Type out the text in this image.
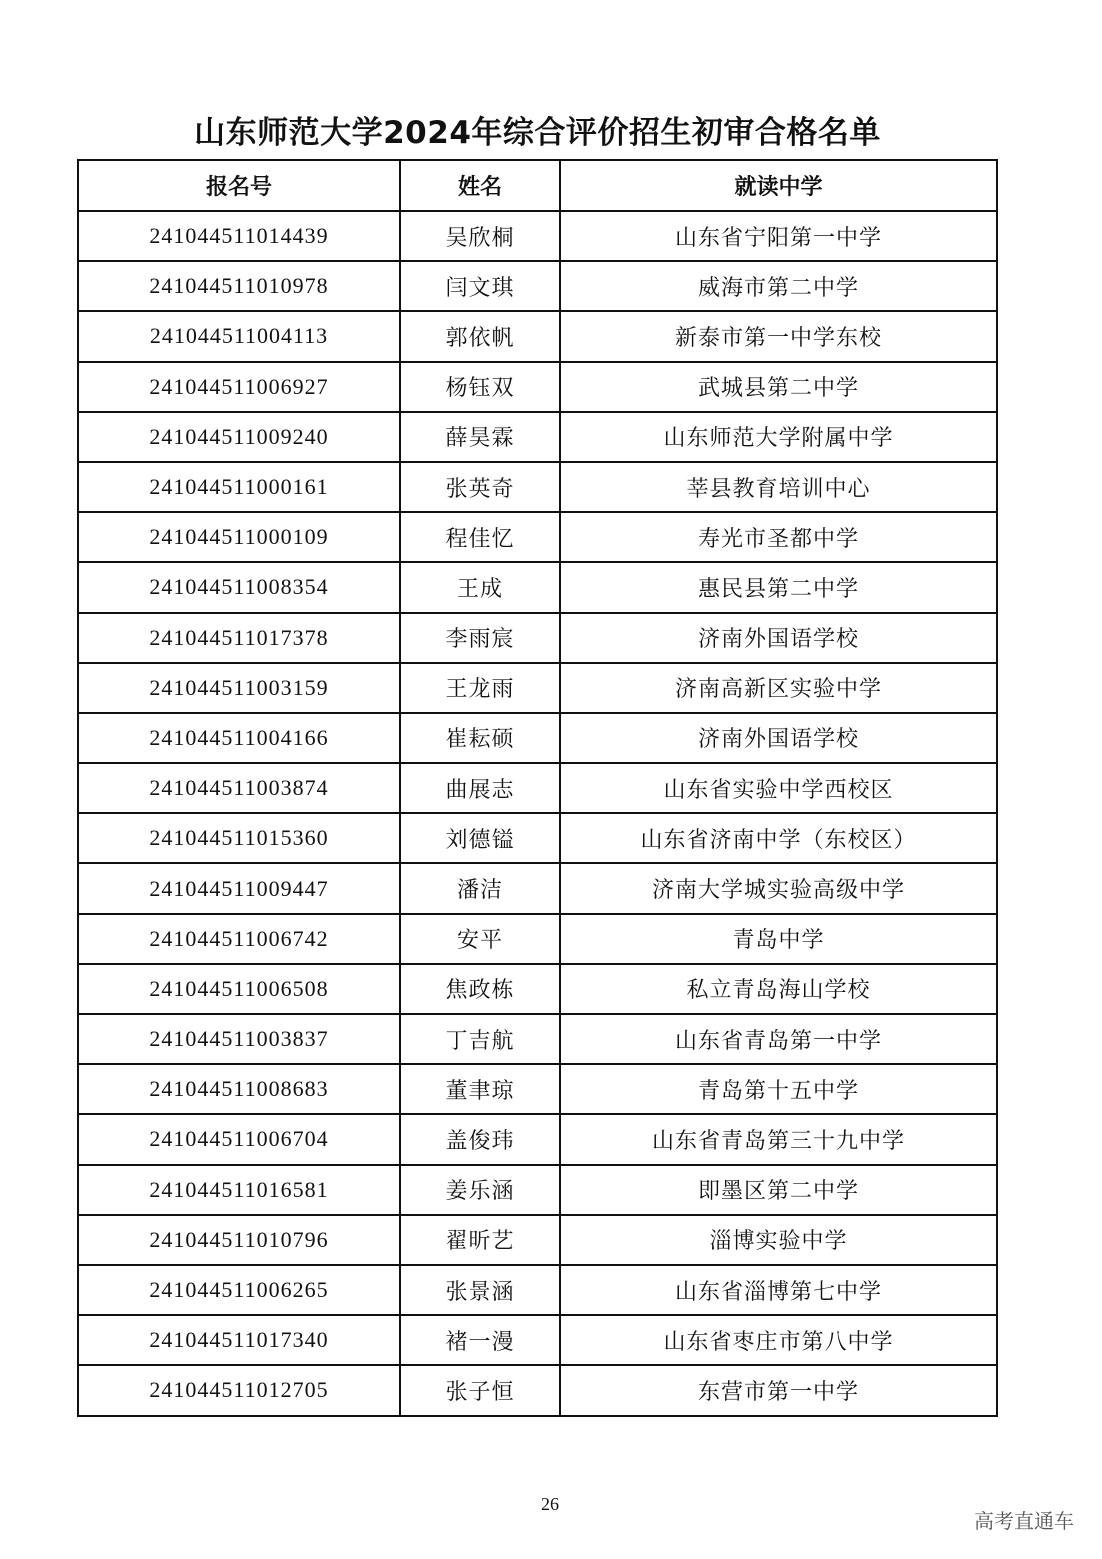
山东师范大学2024年综合评价招生初审合格名单
报名号	姓名	就读中学
241044511014439	吴欣桐	山东省宁阳第一中学
241044511010978	闫文琪	威海市第二中学
241044511004113	郭依帆	新泰市第一中学东校
241044511006927	杨钰双	武城县第二中学
241044511009240	薛昊霖	山东师范大学附属中学
241044511000161	张英奇	莘县教育培训中心
241044511000109	程佳忆	寿光市圣都中学
241044511008354	王成	惠民县第二中学
241044511017378	李雨宸	济南外国语学校
241044511003159	王龙雨	济南高新区实验中学
241044511004166	崔耘硕	济南外国语学校
241044511003874	曲展志	山东省实验中学西校区
241044511015360	刘德镒	山东省济南中学（东校区）
241044511009447	潘洁	济南大学城实验高级中学
241044511006742	安平	青岛中学
241044511006508	焦政栋	私立青岛海山学校
241044511003837	丁吉航	山东省青岛第一中学
241044511008683	董聿琼	青岛第十五中学
241044511006704	盖俊玮	山东省青岛第三十九中学
241044511016581	姜乐涵	即墨区第二中学
241044511010796	翟昕艺	淄博实验中学
241044511006265	张景涵	山东省淄博第七中学
241044511017340	褚一漫	山东省枣庄市第八中学
241044511012705	张子恒	东营市第一中学
26
高考直通车
